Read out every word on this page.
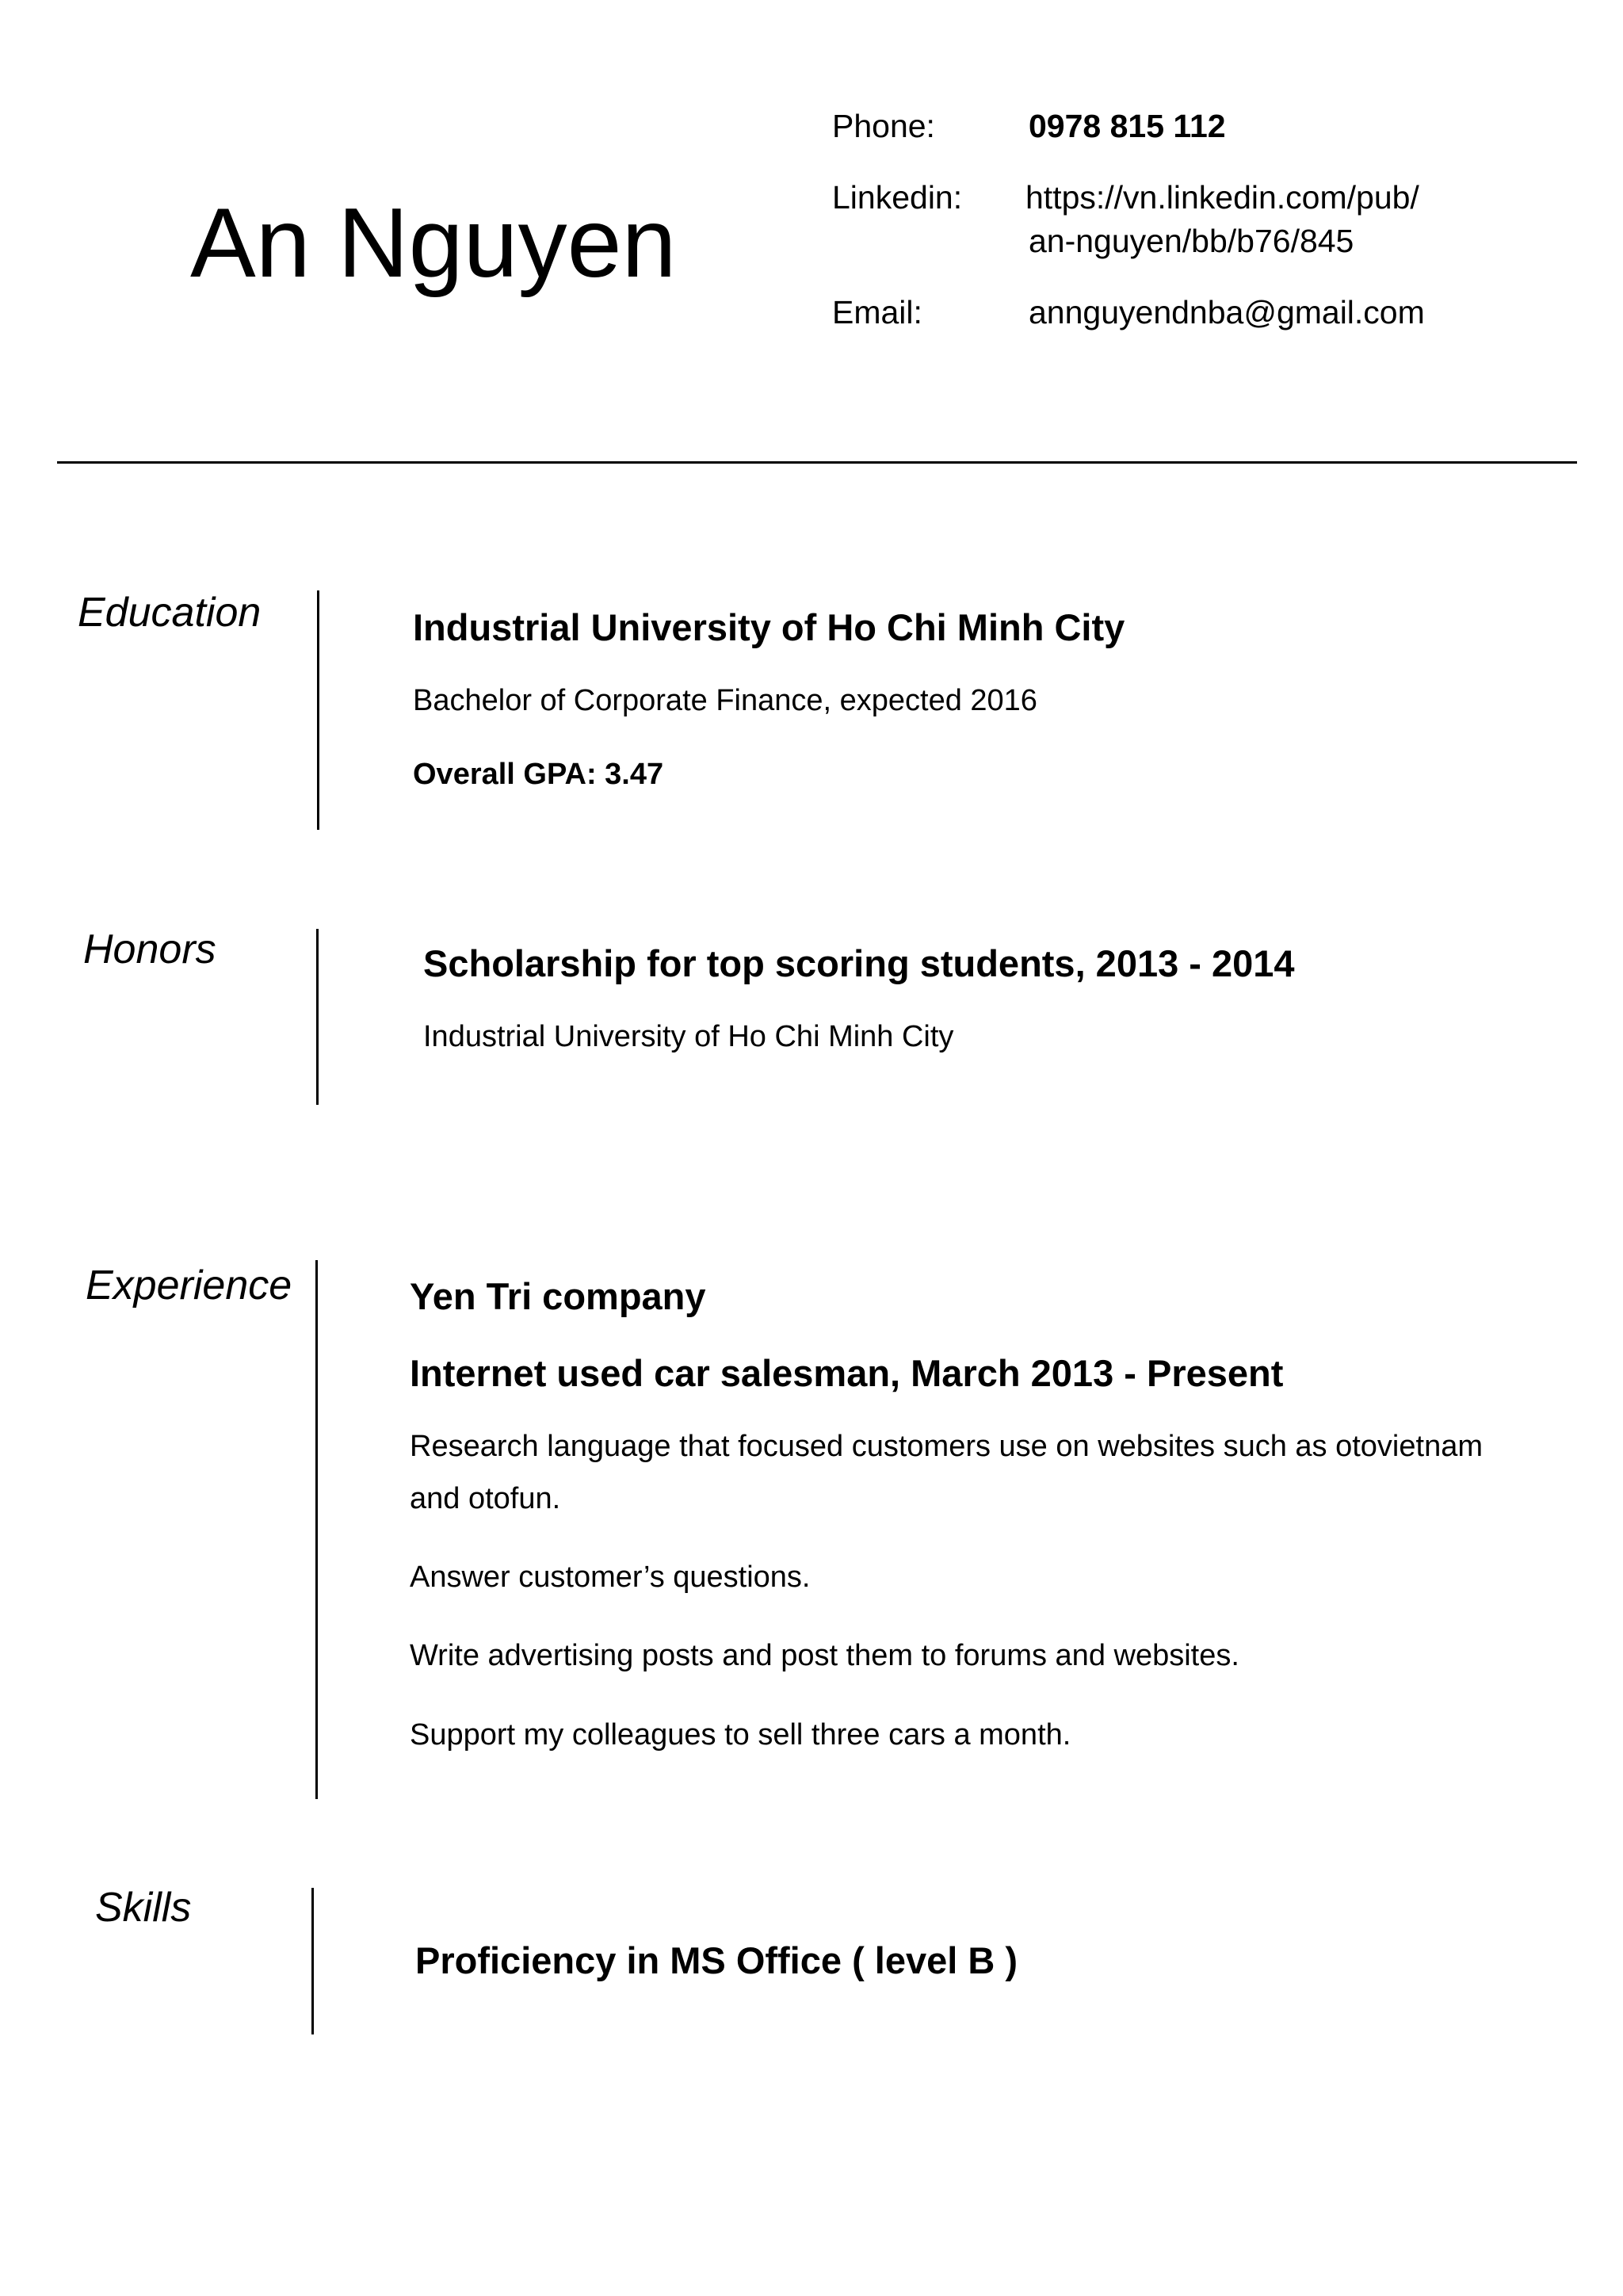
An Nguyen
Phone:	0978 815 112
Linkedin: https://vn.linkedin.com/pub/
an-nguyen/bb/b76/845
Email:	annguyendnba@gmail.com
Education	Industrial University of Ho Chi Minh City
Bachelor of Corporate Finance, expected 2016
Overall GPA: 3.47
Honors	Scholarship for top scoring students, 2013 - 2014
Industrial University of Ho Chi Minh City
Experience	Yen Tri company
Internet used car salesman, March 2013 - Present
Research language that focused customers use on websites such as otovietnam
and otofun.
Answer customer’s questions.
Write advertising posts and post them to forums and websites.
Support my colleagues to sell three cars a month.
Skills
Proficiency in MS Office ( level B )
